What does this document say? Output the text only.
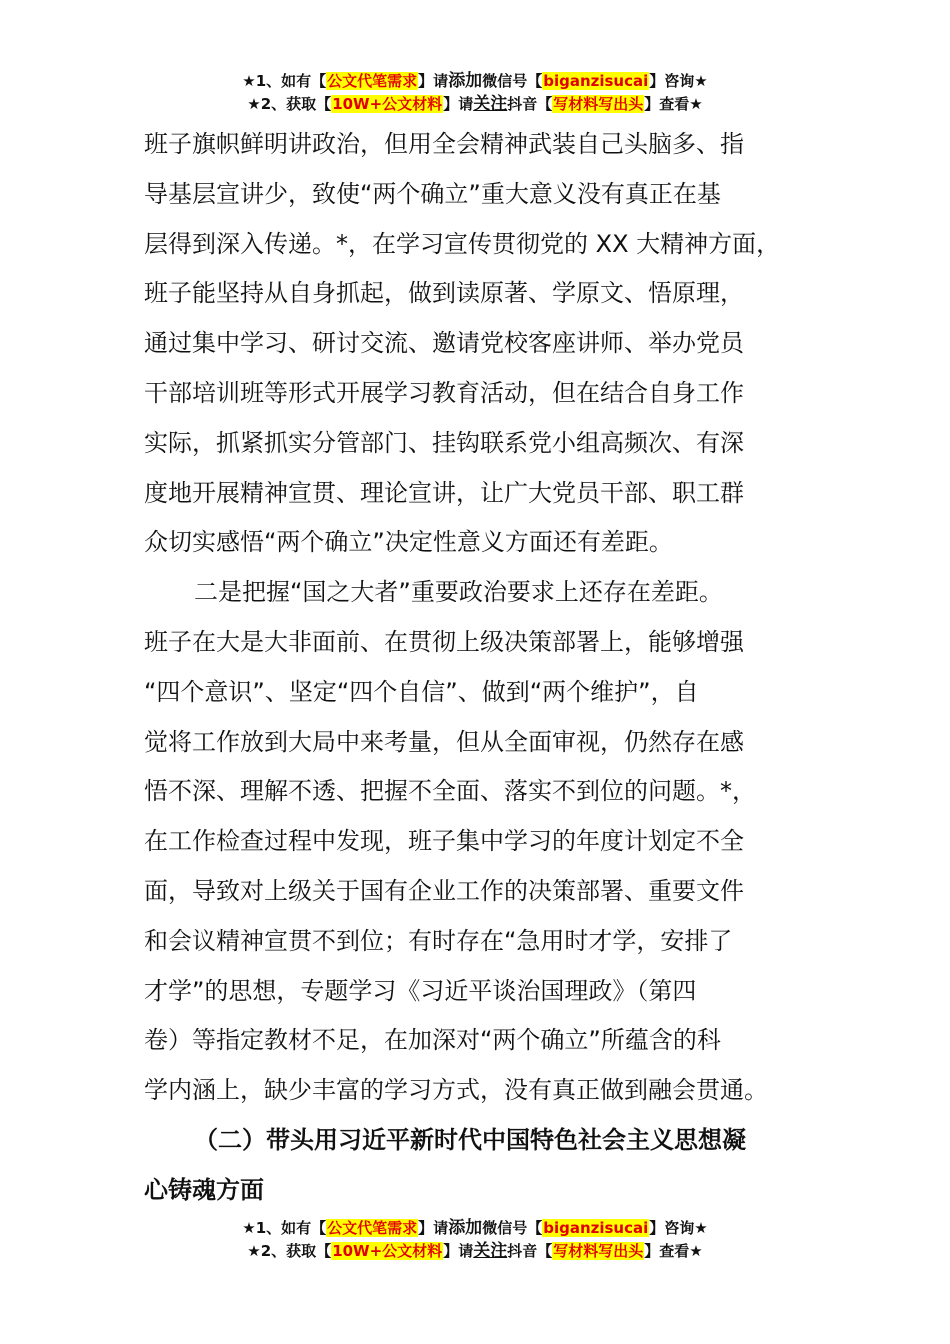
★1、如有【公文代笔需求】请添加微信号【biganzisucai】咨询★
★2、获取【10W+公文材料】请关注抖音【写材料写出头】查看★

班子旗帜鲜明讲政治，但用全会精神武装自己头脑多、指
导基层宣讲少，致使“两个确立”重大意义没有真正在基
层得到深入传递。*，在学习宣传贯彻党的 XX 大精神方面，
班子能坚持从自身抓起，做到读原著、学原文、悟原理，
通过集中学习、研讨交流、邀请党校客座讲师、举办党员
干部培训班等形式开展学习教育活动，但在结合自身工作
实际，抓紧抓实分管部门、挂钩联系党小组高频次、有深
度地开展精神宣贯、理论宣讲，让广大党员干部、职工群
众切实感悟“两个确立”决定性意义方面还有差距。

二是把握“国之大者”重要政治要求上还存在差距。
班子在大是大非面前、在贯彻上级决策部署上，能够增强
“四个意识”、坚定“四个自信”、做到“两个维护”，自
觉将工作放到大局中来考量，但从全面审视，仍然存在感
悟不深、理解不透、把握不全面、落实不到位的问题。*，
在工作检查过程中发现，班子集中学习的年度计划定不全
面，导致对上级关于国有企业工作的决策部署、重要文件
和会议精神宣贯不到位；有时存在“急用时才学，安排了
才学”的思想，专题学习《习近平谈治国理政》（第四
卷）等指定教材不足，在加深对“两个确立”所蕴含的科
学内涵上，缺少丰富的学习方式，没有真正做到融会贯通。

（二）带头用习近平新时代中国特色社会主义思想凝
心铸魂方面

★1、如有【公文代笔需求】请添加微信号【biganzisucai】咨询★
★2、获取【10W+公文材料】请关注抖音【写材料写出头】查看★
